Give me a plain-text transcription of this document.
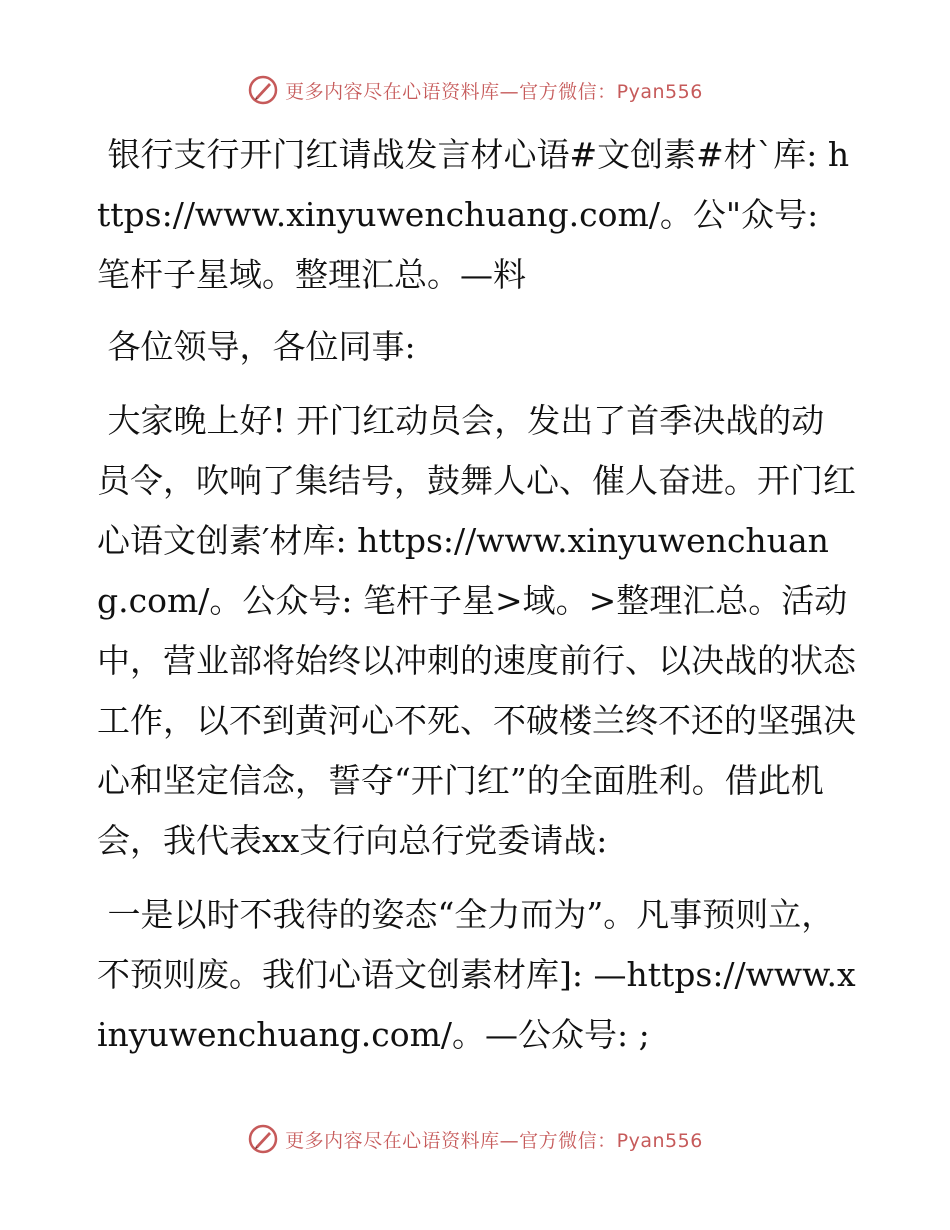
更多内容尽在心语资料库—官方微信：Pyan556

银行支行开门红请战发言材心语#文创素#材`库: https://www.xinyuwenchuang.com/。公"众号: 笔杆子星域。整理汇总。—料

各位领导，各位同事:

大家晚上好! 开门红动员会，发出了首季决战的动员令，吹响了集结号，鼓舞人心、催人奋进。开门红心语文创素′材库: https://www.xinyuwenchuang.com/。公众号: 笔杆子星>域。>整理汇总。活动中，营业部将始终以冲刺的速度前行、以决战的状态工作，以不到黄河心不死、不破楼兰终不还的坚强决心和坚定信念，誓夺“开门红”的全面胜利。借此机会，我代表xx支行向总行党委请战:

一是以时不我待的姿态“全力而为”。凡事预则立，不预则废。我们心语文创素材库]: —https://www.xinyuwenchuang.com/。—公众号: ;

更多内容尽在心语资料库—官方微信：Pyan556
